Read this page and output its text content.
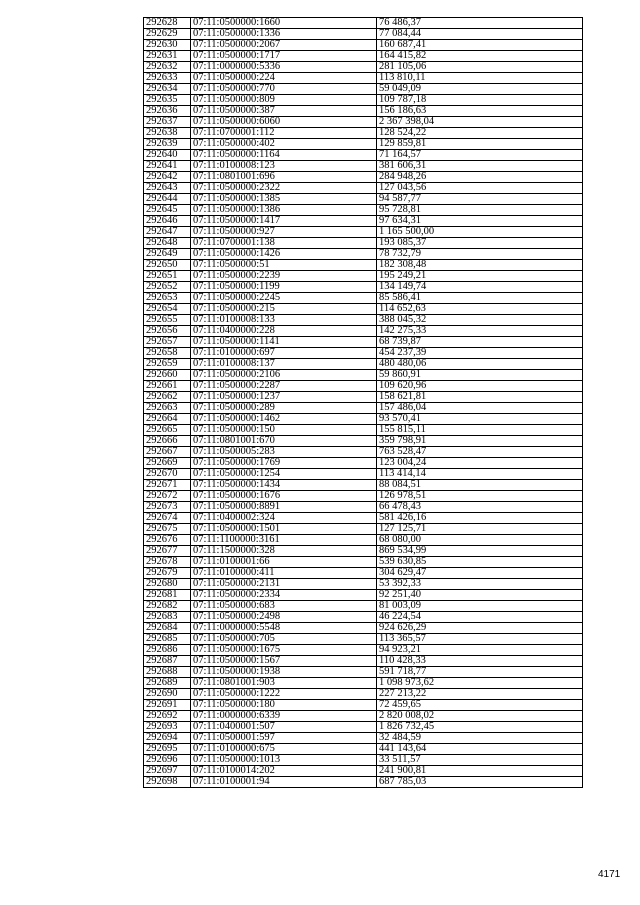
292628	07:11:0500000:1660	76 486,37
292629	07:11:0500000:1336	77 084,44
292630	07:11:0500000:2067	160 687,41
292631	07:11:0500000:1717	164 415,82
292632	07:11:0000000:5336	281 105,06
292633	07:11:0500000:224	113 810,11
292634	07:11:0500000:770	59 049,09
292635	07:11:0500000:809	109 787,18
292636	07:11:0500000:387	156 186,63
292637	07:11:0500000:6060	2 367 398,04
292638	07:11:0700001:112	128 524,22
292639	07:11:0500000:402	129 859,81
292640	07:11:0500000:1164	71 164,57
292641	07:11:0100008:123	381 606,31
292642	07:11:0801001:696	284 948,26
292643	07:11:0500000:2322	127 043,56
292644	07:11:0500000:1385	94 587,77
292645	07:11:0500000:1386	95 728,81
292646	07:11:0500000:1417	97 634,31
292647	07:11:0500000:927	1 165 500,00
292648	07:11:0700001:138	193 085,37
292649	07:11:0500000:1426	78 732,79
292650	07:11:0500000:51	182 308,48
292651	07:11:0500000:2239	195 249,21
292652	07:11:0500000:1199	134 149,74
292653	07:11:0500000:2245	85 586,41
292654	07:11:0500000:215	114 652,63
292655	07:11:0100008:133	388 045,32
292656	07:11:0400000:228	142 275,33
292657	07:11:0500000:1141	68 739,87
292658	07:11:0100000:697	454 237,39
292659	07:11:0100008:137	480 480,06
292660	07:11:0500000:2106	59 860,91
292661	07:11:0500000:2287	109 620,96
292662	07:11:0500000:1237	158 621,81
292663	07:11:0500000:289	157 486,04
292664	07:11:0500000:1462	93 570,41
292665	07:11:0500000:150	155 815,11
292666	07:11:0801001:670	359 798,91
292667	07:11:0500005:283	763 528,47
292669	07:11:0500000:1769	123 004,24
292670	07:11:0500000:1254	113 414,14
292671	07:11:0500000:1434	88 084,51
292672	07:11:0500000:1676	126 978,51
292673	07:11:0500000:8891	66 478,43
292674	07:11:0400002:324	581 426,16
292675	07:11:0500000:1501	127 125,71
292676	07:11:1100000:3161	68 080,00
292677	07:11:1500000:328	869 534,99
292678	07:11:0100001:66	539 630,85
292679	07:11:0100000:411	304 629,47
292680	07:11:0500000:2131	53 392,33
292681	07:11:0500000:2334	92 251,40
292682	07:11:0500000:683	81 003,09
292683	07:11:0500000:2498	46 224,54
292684	07:11:0000000:5548	924 626,29
292685	07:11:0500000:705	113 365,57
292686	07:11:0500000:1675	94 923,21
292687	07:11:0500000:1567	110 428,33
292688	07:11:0500000:1938	591 718,77
292689	07:11:0801001:903	1 098 973,62
292690	07:11:0500000:1222	227 213,22
292691	07:11:0500000:180	72 459,65
292692	07:11:0000000:6339	2 820 008,02
292693	07:11:0400001:507	1 826 732,45
292694	07:11:0500001:597	32 484,59
292695	07:11:0100000:675	441 143,64
292696	07:11:0500000:1013	33 511,57
292697	07:11:0100014:202	241 900,81
292698	07:11:0100001:94	687 785,03
4171
